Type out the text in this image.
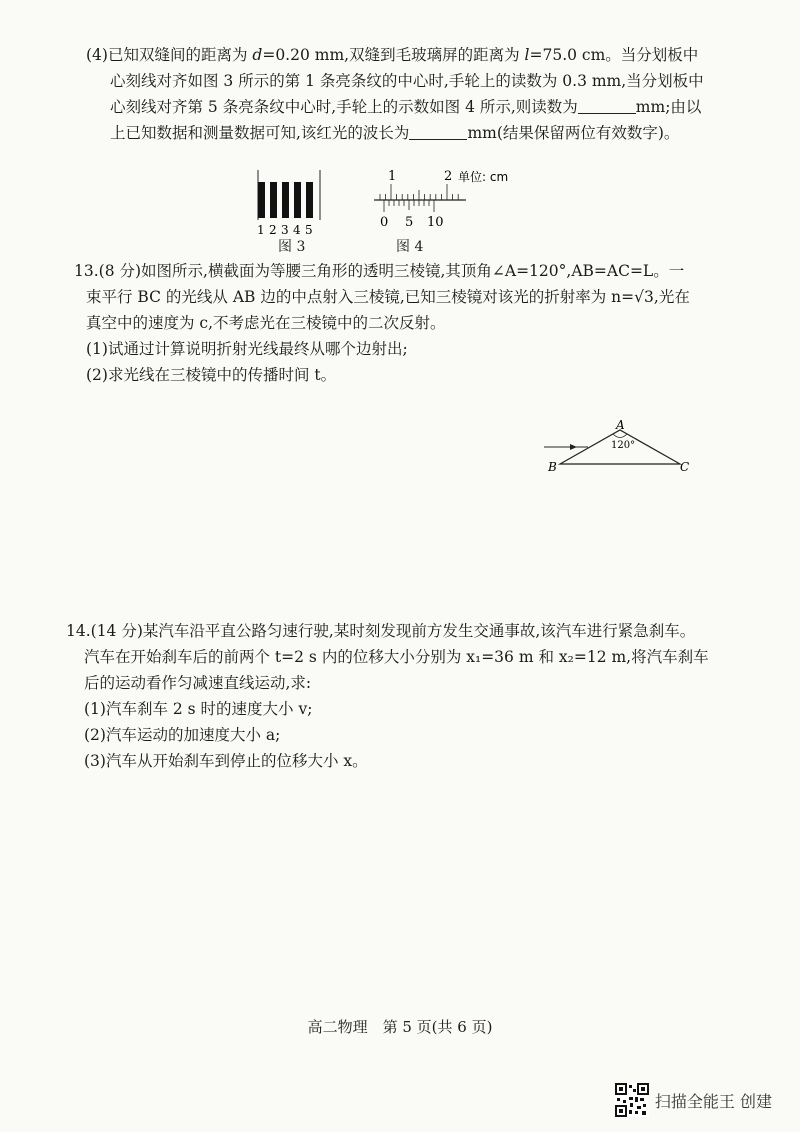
(4)已知双缝间的距离为 d=0.20 mm,双缝到毛玻璃屏的距离为 l=75.0 cm。当分划板中
心刻线对齐如图 3 所示的第 1 条亮条纹的中心时,手轮上的读数为 0.3 mm,当分划板中
心刻线对齐第 5 条亮条纹中心时,手轮上的示数如图 4 所示,则读数为	mm;由以
上已知数据和测量数据可知,该红光的波长为	mm(结果保留两位有效数字)。
1 2 3 4 5
图 3
1	2
0 5 10
单位: cm
图 4
13.(8 分)如图所示,横截面为等腰三角形的透明三棱镜,其顶角∠A=120°,AB=AC=L。一
束平行 BC 的光线从 AB 边的中点射入三棱镜,已知三棱镜对该光的折射率为 n=√3,光在
真空中的速度为 c,不考虑光在三棱镜中的二次反射。
(1)试通过计算说明折射光线最终从哪个边射出;
(2)求光线在三棱镜中的传播时间 t。
A
B	C
120°
14.(14 分)某汽车沿平直公路匀速行驶,某时刻发现前方发生交通事故,该汽车进行紧急刹车。
汽车在开始刹车后的前两个 t=2 s 内的位移大小分别为 x₁=36 m 和 x₂=12 m,将汽车刹车
后的运动看作匀减速直线运动,求:
(1)汽车刹车 2 s 时的速度大小 v;
(2)汽车运动的加速度大小 a;
(3)汽车从开始刹车到停止的位移大小 x。
高二物理　第 5 页(共 6 页)
扫描全能王 创建
